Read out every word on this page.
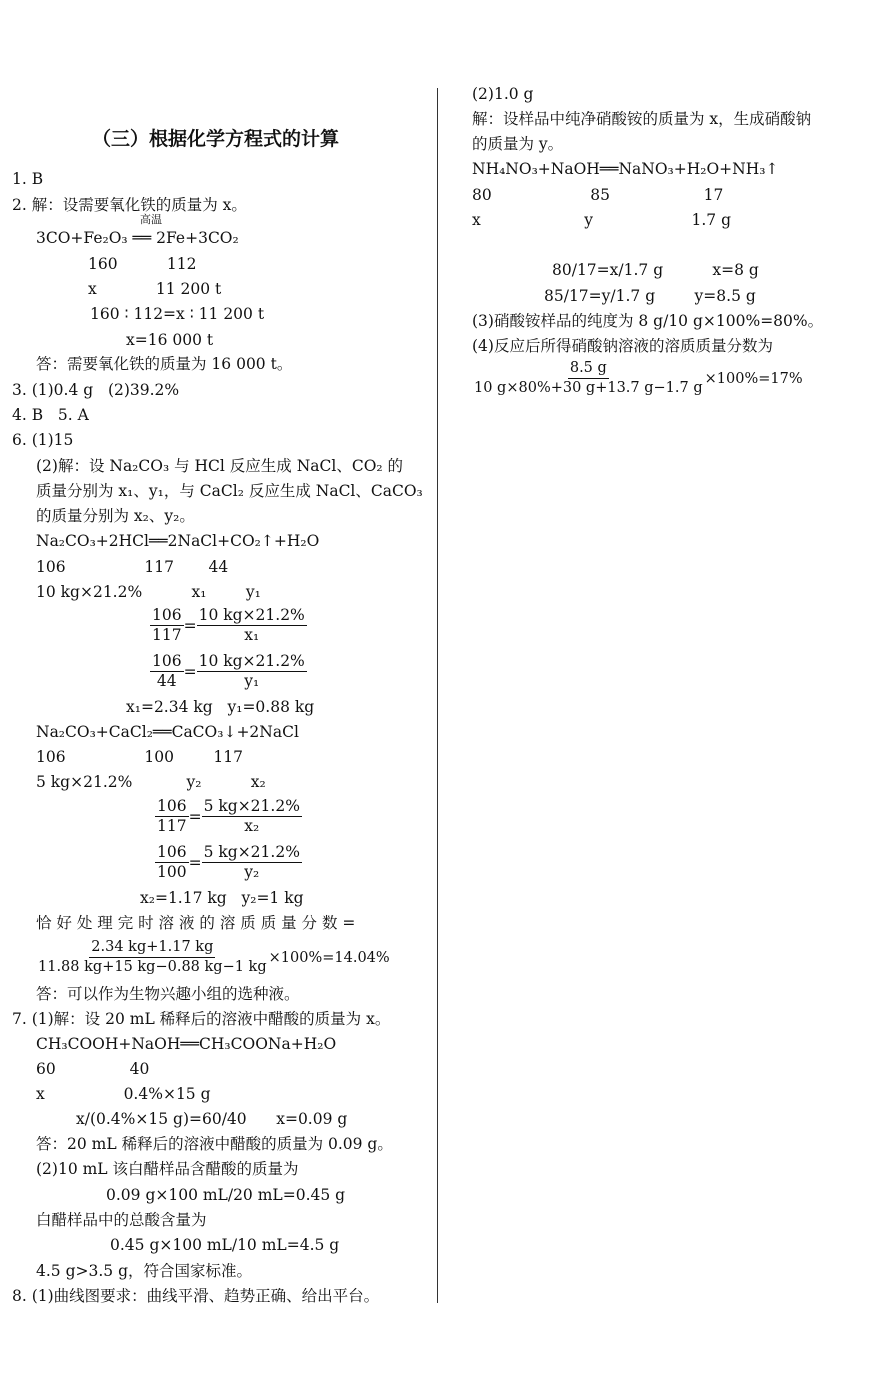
（三）根据化学方程式的计算
1. B
2. 解：设需要氧化铁的质量为 x。
高温
3CO+Fe₂O₃ ══ 2Fe+3CO₂
160          112
x            11 200 t
160 ∶ 112=x ∶ 11 200 t
x=16 000 t
答：需要氧化铁的质量为 16 000 t。
3. (1)0.4 g   (2)39.2%
4. B   5. A
6. (1)15
(2)解：设 Na₂CO₃ 与 HCl 反应生成 NaCl、CO₂ 的
质量分别为 x₁、y₁，与 CaCl₂ 反应生成 NaCl、CaCO₃
的质量分别为 x₂、y₂。
Na₂CO₃+2HCl══2NaCl+CO₂↑+H₂O
106                117       44
10 kg×21.2%          x₁        y₁
$\frac{106}{117} = \frac{10 kg\times 21.2\%}{\text{x₁}}$
$\frac{106}{44} = \frac{10 kg\times 21.2\%}{\text{y₁}}$
x₁=2.34 kg   y₁=0.88 kg
Na₂CO₃+CaCl₂══CaCO₃↓+2NaCl
106                100        117
5 kg×21.2%           y₂          x₂
$\frac{106}{117} = \frac{5 kg\times 21.2\%}{\text{x₂}}$
$\frac{106}{100} = \frac{5 kg\times 21.2\%}{\text{y₂}}$
x₂=1.17 kg   y₂=1 kg
恰 好 处 理 完 时 溶 液 的 溶 质 质 量 分 数 =
$\frac{2.34 kg+1.17 kg}{11.88 kg+15 kg-0.88 kg-1 kg} \times 100\%=14.04\%$
答：可以作为生物兴趣小组的选种液。
7. (1)解：设 20 mL 稀释后的溶液中醋酸的质量为 x。
CH₃COOH+NaOH══CH₃COONa+H₂O
60               40
x                0.4%×15 g
x/(0.4%×15 g)=60/40      x=0.09 g
答：20 mL 稀释后的溶液中醋酸的质量为 0.09 g。
(2)10 mL 该白醋样品含醋酸的质量为
0.09 g×100 mL/20 mL=0.45 g
白醋样品中的总酸含量为
0.45 g×100 mL/10 mL=4.5 g
4.5 g>3.5 g，符合国家标准。
8. (1)曲线图要求：曲线平滑、趋势正确、给出平台。
(2)1.0 g
解：设样品中纯净硝酸铵的质量为 x，生成硝酸钠
的质量为 y。
NH₄NO₃+NaOH══NaNO₃+H₂O+NH₃↑
80                    85                   17
x                     y                    1.7 g
80/17=x/1.7 g          x=8 g
85/17=y/1.7 g        y=8.5 g
(3)硝酸铵样品的纯度为 8 g/10 g×100%=80%。
(4)反应后所得硝酸钠溶液的溶质质量分数为
$\frac{8.5 g}{10 g\times 80\%+30 g+13.7 g-1.7 g} \times 100\%=17\%$
